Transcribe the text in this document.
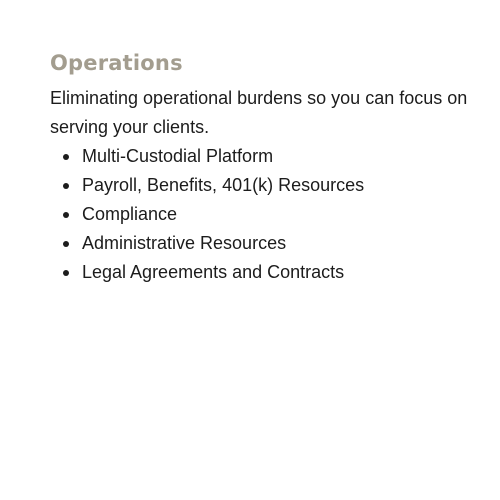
Operations

Eliminating operational burdens so you can focus on serving your clients.

Multi-Custodial Platform
Payroll, Benefits, 401(k) Resources
Compliance
Administrative Resources
Legal Agreements and Contracts
